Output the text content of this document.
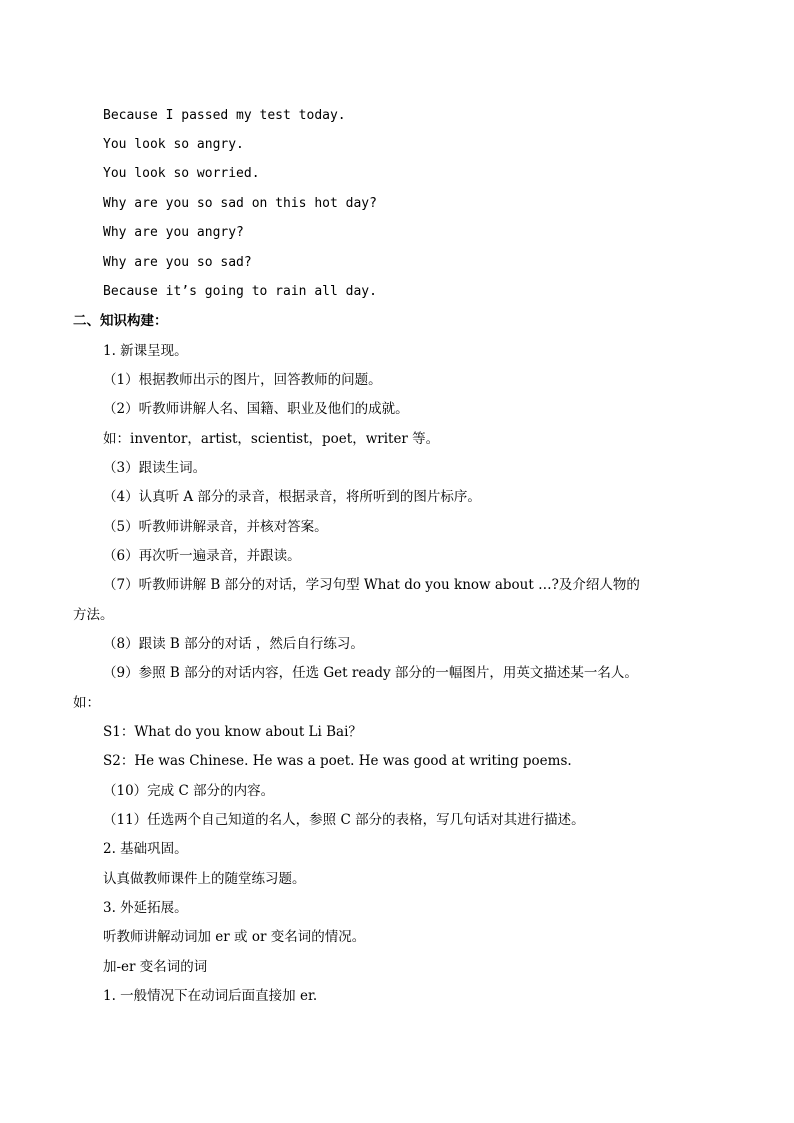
Because I passed my test today.
You look so angry.
You look so worried.
Why are you so sad on this hot day?
Why are you angry?
Why are you so sad?
Because it’s going to rain all day.
二、知识构建：
1. 新课呈现。
（1）根据教师出示的图片，回答教师的问题。
（2）听教师讲解人名、国籍、职业及他们的成就。
如：inventor，artist，scientist，poet，writer 等。
（3）跟读生词。
（4）认真听 A 部分的录音，根据录音，将所听到的图片标序。
（5）听教师讲解录音，并核对答案。
（6）再次听一遍录音，并跟读。
（7）听教师讲解 B 部分的对话，学习句型 What do you know about …?及介绍人物的
方法。
（8）跟读 B 部分的对话 ，然后自行练习。
（9）参照 B 部分的对话内容，任选 Get ready 部分的一幅图片，用英文描述某一名人。
如：
S1：What do you know about Li Bai？
S2：He was Chinese. He was a poet. He was good at writing poems.
（10）完成 C 部分的内容。
（11）任选两个自己知道的名人，参照 C 部分的表格，写几句话对其进行描述。
2. 基础巩固。
认真做教师课件上的随堂练习题。
3. 外延拓展。
听教师讲解动词加 er 或 or 变名词的情况。
加-er 变名词的词
1. 一般情况下在动词后面直接加 er.
